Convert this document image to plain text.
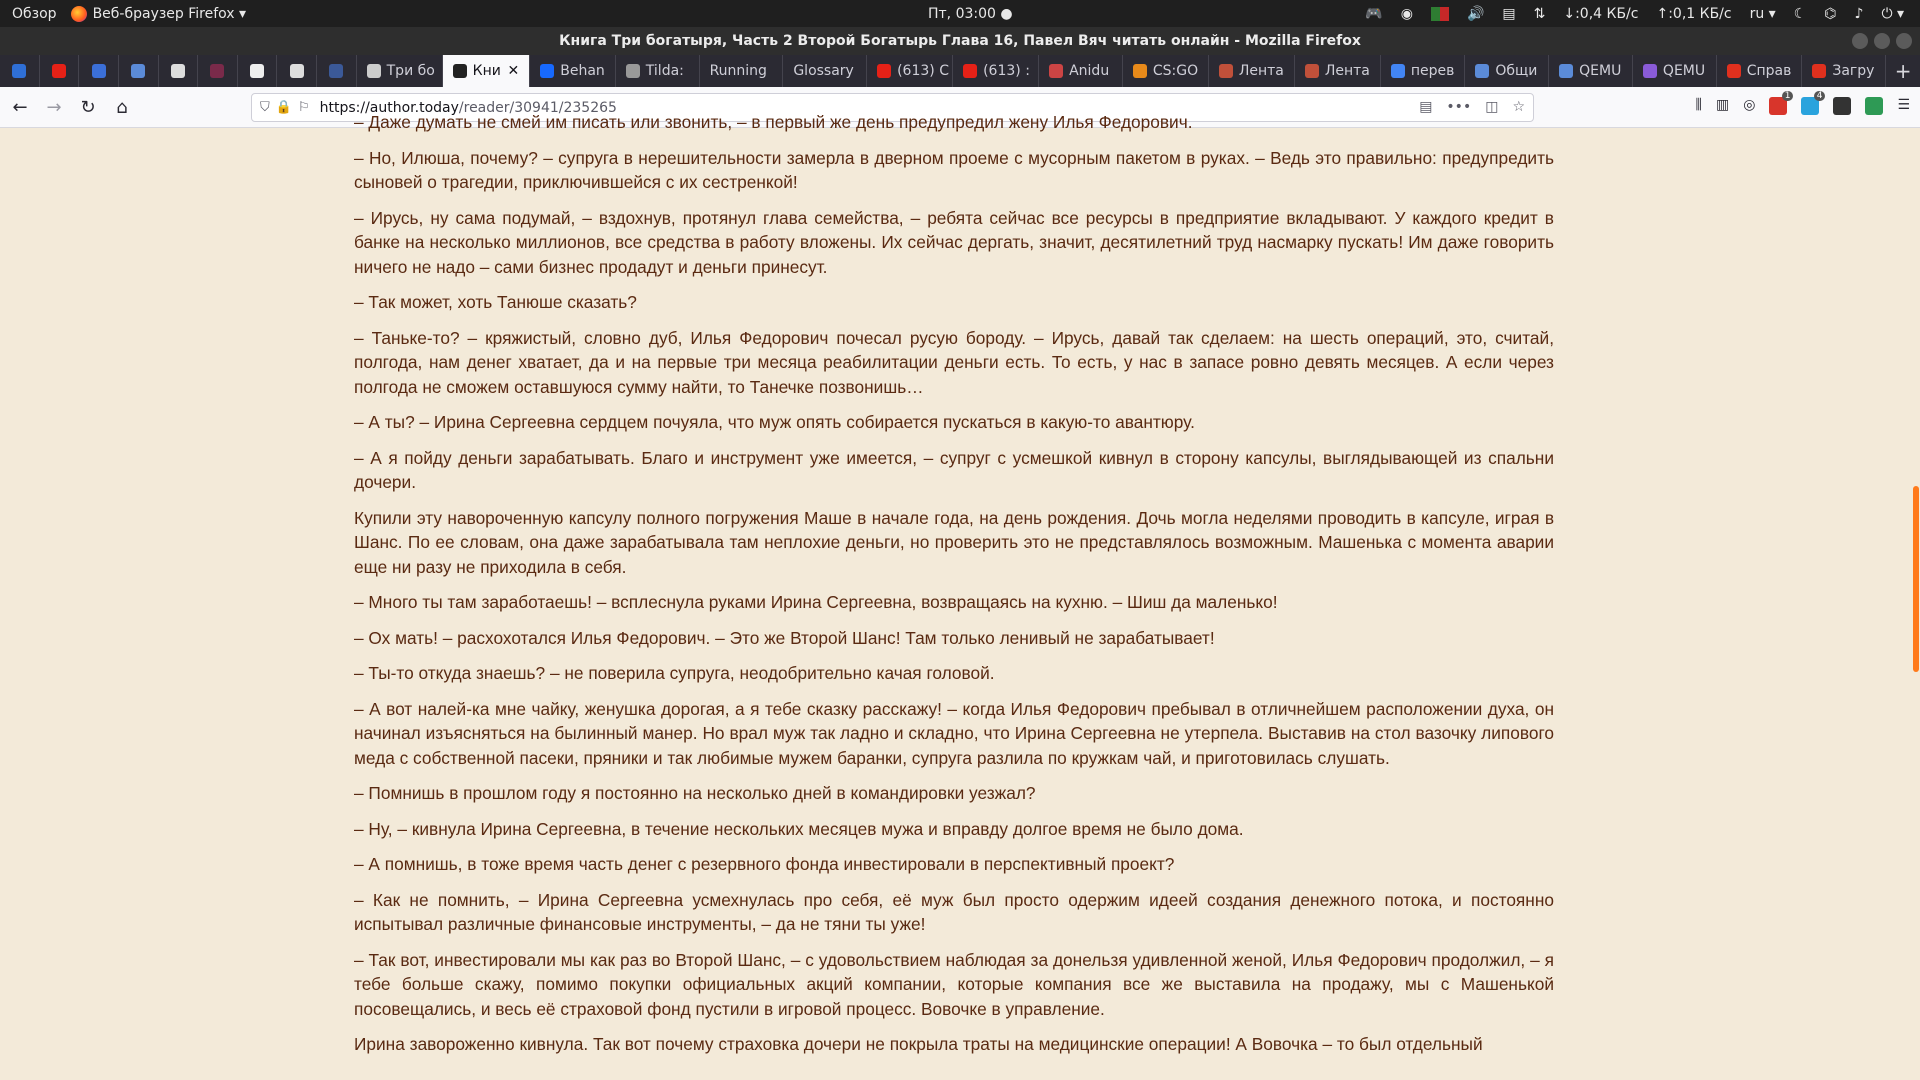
Обзор	Веб-браузер Firefox ▾	Пт, 03:00 ●	🎮 ◉	🔊 ▤ ⇅ ↓:0,4 КБ/с ↑:0,1 КБ/с ru ▾ ☾ ⌬ ♪ ⏻ ▾
Книга Три богатыря, Часть 2 Второй Богатырь Глава 16, Павел Вяч читать онлайн - Mozilla Firefox
Три бо	Кни ✕	Behan	Tilda: Running Glossary	(613) С (613) :	Anidu	CS:GO	Лента	Лента	перев	Общи	QEMU	QEMU	Справ	Загру	+
←	→	↻	⌂	⛉ 🔒 ⚐ https://author.today/reader/30941/235265	▤ ••• ◫ ☆	⫼ ▥ ◎
1	4
☰

– Даже думать не смей им писать или звонить, – в первый же день предупредил жену Илья Федорович.

– Но, Илюша, почему? – супруга в нерешительности замерла в дверном проеме с мусорным пакетом в руках. – Ведь это правильно: предупредить сыновей о трагедии, приключившейся с их сестренкой!

– Ирусь, ну сама подумай, – вздохнув, протянул глава семейства, – ребята сейчас все ресурсы в предприятие вкладывают. У каждого кредит в банке на несколько миллионов, все средства в работу вложены. Их сейчас дергать, значит, десятилетний труд насмарку пускать! Им даже говорить ничего не надо – сами бизнес продадут и деньги принесут.

– Так может, хоть Танюше сказать?

– Таньке-то? – кряжистый, словно дуб, Илья Федорович почесал русую бороду. – Ирусь, давай так сделаем: на шесть операций, это, считай, полгода, нам денег хватает, да и на первые три месяца реабилитации деньги есть. То есть, у нас в запасе ровно девять месяцев. А если через полгода не сможем оставшуюся сумму найти, то Танечке позвонишь…

– А ты? – Ирина Сергеевна сердцем почуяла, что муж опять собирается пускаться в какую-то авантюру.

– А я пойду деньги зарабатывать. Благо и инструмент уже имеется, – супруг с усмешкой кивнул в сторону капсулы, выглядывающей из спальни дочери.

Купили эту навороченную капсулу полного погружения Маше в начале года, на день рождения. Дочь могла неделями проводить в капсуле, играя в Шанс. По ее словам, она даже зарабатывала там неплохие деньги, но проверить это не представлялось возможным. Машенька с момента аварии еще ни разу не приходила в себя.

– Много ты там заработаешь! – всплеснула руками Ирина Сергеевна, возвращаясь на кухню. – Шиш да маленько!

– Ох мать! – расхохотался Илья Федорович. – Это же Второй Шанс! Там только ленивый не зарабатывает!

– Ты-то откуда знаешь? – не поверила супруга, неодобрительно качая головой.

– А вот налей-ка мне чайку, женушка дорогая, а я тебе сказку расскажу! – когда Илья Федорович пребывал в отличнейшем расположении духа, он начинал изъясняться на былинный манер. Но врал муж так ладно и складно, что Ирина Сергеевна не утерпела. Выставив на стол вазочку липового меда с собственной пасеки, пряники и так любимые мужем баранки, супруга разлила по кружкам чай, и приготовилась слушать.

– Помнишь в прошлом году я постоянно на несколько дней в командировки уезжал?

– Ну, – кивнула Ирина Сергеевна, в течение нескольких месяцев мужа и вправду долгое время не было дома.

– А помнишь, в тоже время часть денег с резервного фонда инвестировали в перспективный проект?

– Как не помнить, – Ирина Сергеевна усмехнулась про себя, её муж был просто одержим идеей создания денежного потока, и постоянно испытывал различные финансовые инструменты, – да не тяни ты уже!

– Так вот, инвестировали мы как раз во Второй Шанс, – с удовольствием наблюдая за донельзя удивленной женой, Илья Федорович продолжил, – я тебе больше скажу, помимо покупки официальных акций компании, которые компания все же выставила на продажу, мы с Машенькой посовещались, и весь её страховой фонд пустили в игровой процесс. Вовочке в управление.

Ирина завороженно кивнула. Так вот почему страховка дочери не покрыла траты на медицинские операции! А Вовочка – то был отдельный
